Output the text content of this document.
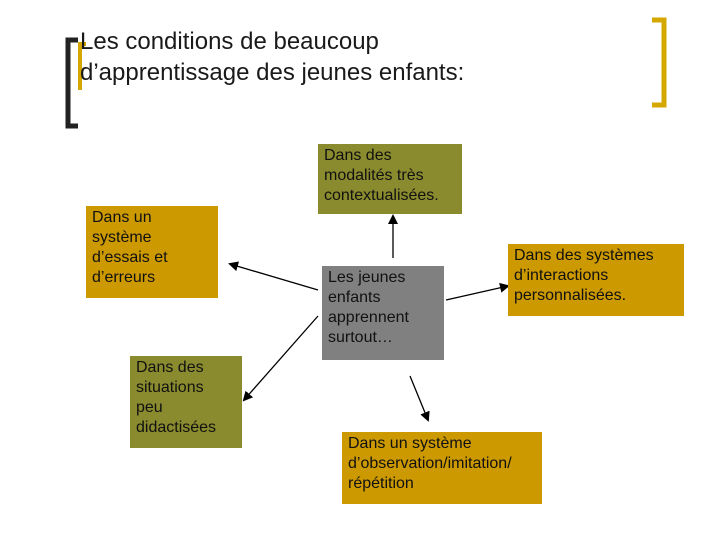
Les conditions de beaucoup
d’apprentissage des jeunes enfants:
Dans des
modalités très
contextualisées.
Dans un
système
d’essais et
d’erreurs	Les jeunes
enfants
apprennent
surtout…
Dans des systèmes
d’interactions
personnalisées.
Dans des
situations
peu
didactisées
Dans un système
d’observation/imitation/
répétition
